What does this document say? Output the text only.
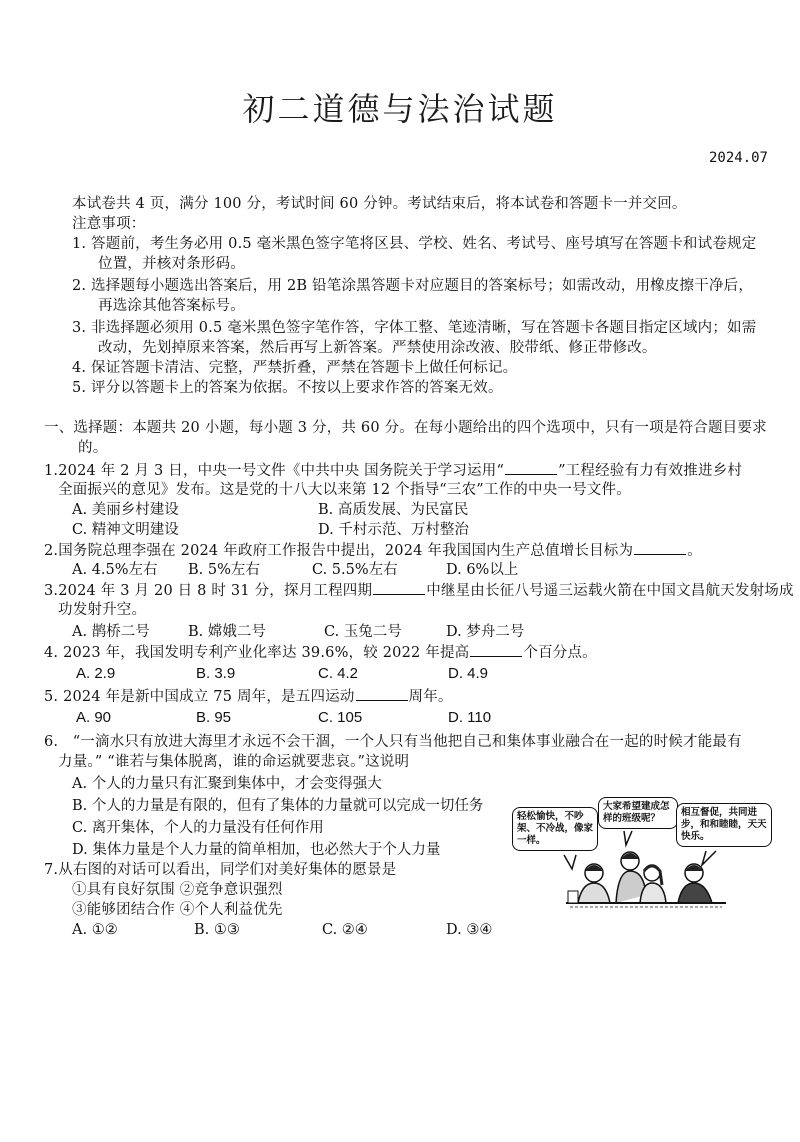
初二道德与法治试题
2024.07
本试卷共 4 页，满分 100 分，考试时间 60 分钟。考试结束后，将本试卷和答题卡一并交回。
注意事项：
1. 答题前，考生务必用 0.5 毫米黑色签字笔将区县、学校、姓名、考试号、座号填写在答题卡和试卷规定
位置，并核对条形码。
2. 选择题每小题选出答案后，用 2B 铅笔涂黑答题卡对应题目的答案标号；如需改动，用橡皮擦干净后，
再选涂其他答案标号。
3. 非选择题必须用 0.5 毫米黑色签字笔作答，字体工整、笔迹清晰，写在答题卡各题目指定区域内；如需
改动，先划掉原来答案，然后再写上新答案。严禁使用涂改液、胶带纸、修正带修改。
4. 保证答题卡清洁、完整，严禁折叠，严禁在答题卡上做任何标记。
5. 评分以答题卡上的答案为依据。不按以上要求作答的答案无效。
一、选择题：本题共 20 小题，每小题 3 分，共 60 分。在每小题给出的四个选项中，只有一项是符合题目要求
的。
1.2024 年 2 月 3 日，中央一号文件《中共中央 国务院关于学习运用“	”工程经验有力有效推进乡村
全面振兴的意见》发布。这是党的十八大以来第 12 个指导“三农”工作的中央一号文件。
A. 美丽乡村建设	B. 高质发展、为民富民
C. 精神文明建设	D. 千村示范、万村整治
2.国务院总理李强在 2024 年政府工作报告中提出，2024 年我国国内生产总值增长目标为	。
A. 4.5%左右 B. 5%左右	C. 5.5%左右	D. 6%以上
3.2024 年 3 月 20 日 8 时 31 分，探月工程四期	中继星由长征八号遥三运载火箭在中国文昌航天发射场成
功发射升空。
A. 鹊桥二号	B. 嫦娥二号	C. 玉兔二号	D. 梦舟二号
4. 2023 年，我国发明专利产业化率达 39.6%，较 2022 年提高	个百分点。
A. 2.9	B. 3.9	C. 4.2	D. 4.9
5. 2024 年是新中国成立 75 周年，是五四运动	周年。
A. 90	B. 95	C. 105	D. 110
6. “一滴水只有放进大海里才永远不会干涸，一个人只有当他把自己和集体事业融合在一起的时候才能最有
力量。” “谁若与集体脱离，谁的命运就要悲哀。”这说明
A. 个人的力量只有汇聚到集体中，才会变得强大
B. 个人的力量是有限的，但有了集体的力量就可以完成一切任务
C. 离开集体，个人的力量没有任何作用
D. 集体力量是个人力量的简单相加，也必然大于个人力量
7.从右图的对话可以看出，同学们对美好集体的愿景是
①具有良好氛围 ②竞争意识强烈
③能够团结合作 ④个人利益优先
A. ①②	B. ①③	C. ②④	D. ③④
轻松愉快，不吵架、不冷战，像家一样。
大家希望建成怎样的班级呢？
相互督促，共同进步，和和睦睦，天天快乐。
